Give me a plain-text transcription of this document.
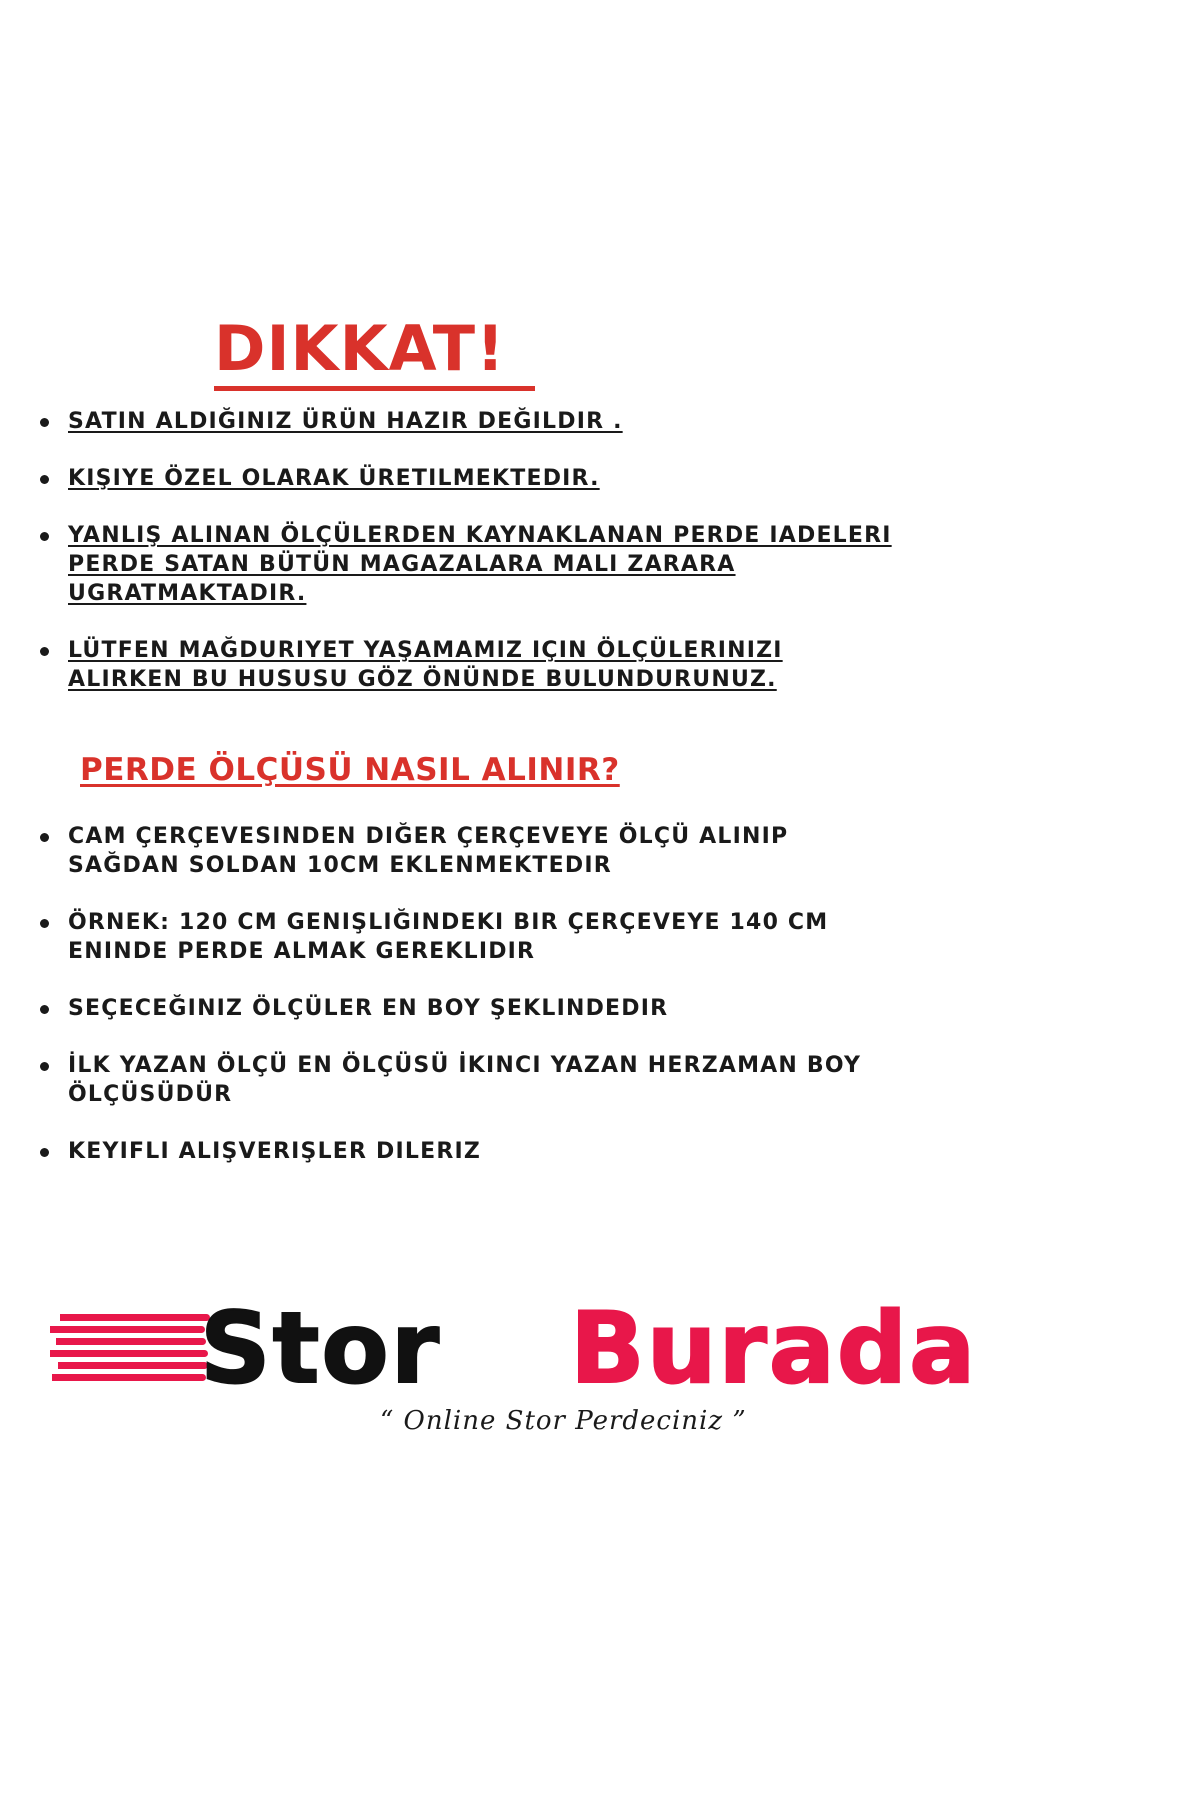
DIKKAT!
SATIN ALDIĞINIZ ÜRÜN HAZIR DEĞILDIR .
KIŞIYE ÖZEL OLARAK ÜRETILMEKTEDIR.
YANLIŞ ALINAN ÖLÇÜLERDEN KAYNAKLANAN PERDE IADELERI PERDE SATAN BÜTÜN MAGAZALARA MALI ZARARA UGRATMAKTADIR.
LÜTFEN MAĞDURIYET YAŞAMAMIZ IÇIN ÖLÇÜLERINIZI ALIRKEN BU HUSUSU GÖZ ÖNÜNDE BULUNDURUNUZ.
PERDE ÖLÇÜSÜ NASIL ALINIR?
CAM ÇERÇEVESINDEN DIĞER ÇERÇEVEYE ÖLÇÜ ALINIP SAĞDAN SOLDAN 10CM EKLENMEKTEDIR
ÖRNEK: 120 CM GENIŞLIĞINDEKI BIR ÇERÇEVEYE 140 CM ENINDE PERDE ALMAK GEREKLIDIR
SEÇECEĞINIZ ÖLÇÜLER EN BOY ŞEKLINDEDIR
İLK YAZAN ÖLÇÜ EN ÖLÇÜSÜ İKINCI YAZAN HERZAMAN BOY ÖLÇÜSÜDÜR
KEYIFLI ALIŞVERIŞLER DILERIZ
Stor Burada
“ Online Stor Perdeciniz ”
